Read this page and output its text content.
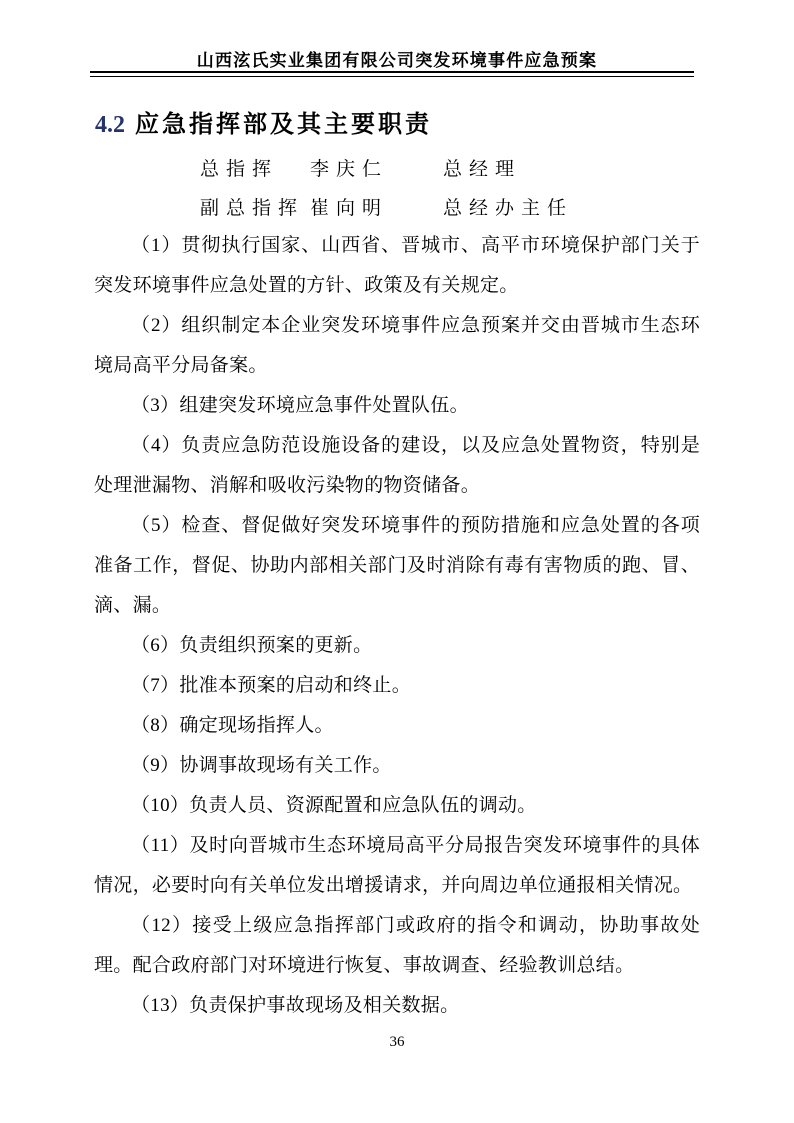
山西泫氏实业集团有限公司突发环境事件应急预案
4.2 应急指挥部及其主要职责
总指挥 李庆仁	总经理
副总指挥 崔向明	总经办主任

（1）贯彻执行国家、山西省、晋城市、高平市环境保护部门关于突发环境事件应急处置的方针、政策及有关规定。

（2）组织制定本企业突发环境事件应急预案并交由晋城市生态环境局高平分局备案。

（3）组建突发环境应急事件处置队伍。

（4）负责应急防范设施设备的建设，以及应急处置物资，特别是处理泄漏物、消解和吸收污染物的物资储备。

（5）检查、督促做好突发环境事件的预防措施和应急处置的各项准备工作，督促、协助内部相关部门及时消除有毒有害物质的跑、冒、滴、漏。

（6）负责组织预案的更新。

（7）批准本预案的启动和终止。

（8）确定现场指挥人。

（9）协调事故现场有关工作。

（10）负责人员、资源配置和应急队伍的调动。

（11）及时向晋城市生态环境局高平分局报告突发环境事件的具体情况，必要时向有关单位发出增援请求，并向周边单位通报相关情况。

（12）接受上级应急指挥部门或政府的指令和调动，协助事故处理。配合政府部门对环境进行恢复、事故调查、经验教训总结。

（13）负责保护事故现场及相关数据。

36
